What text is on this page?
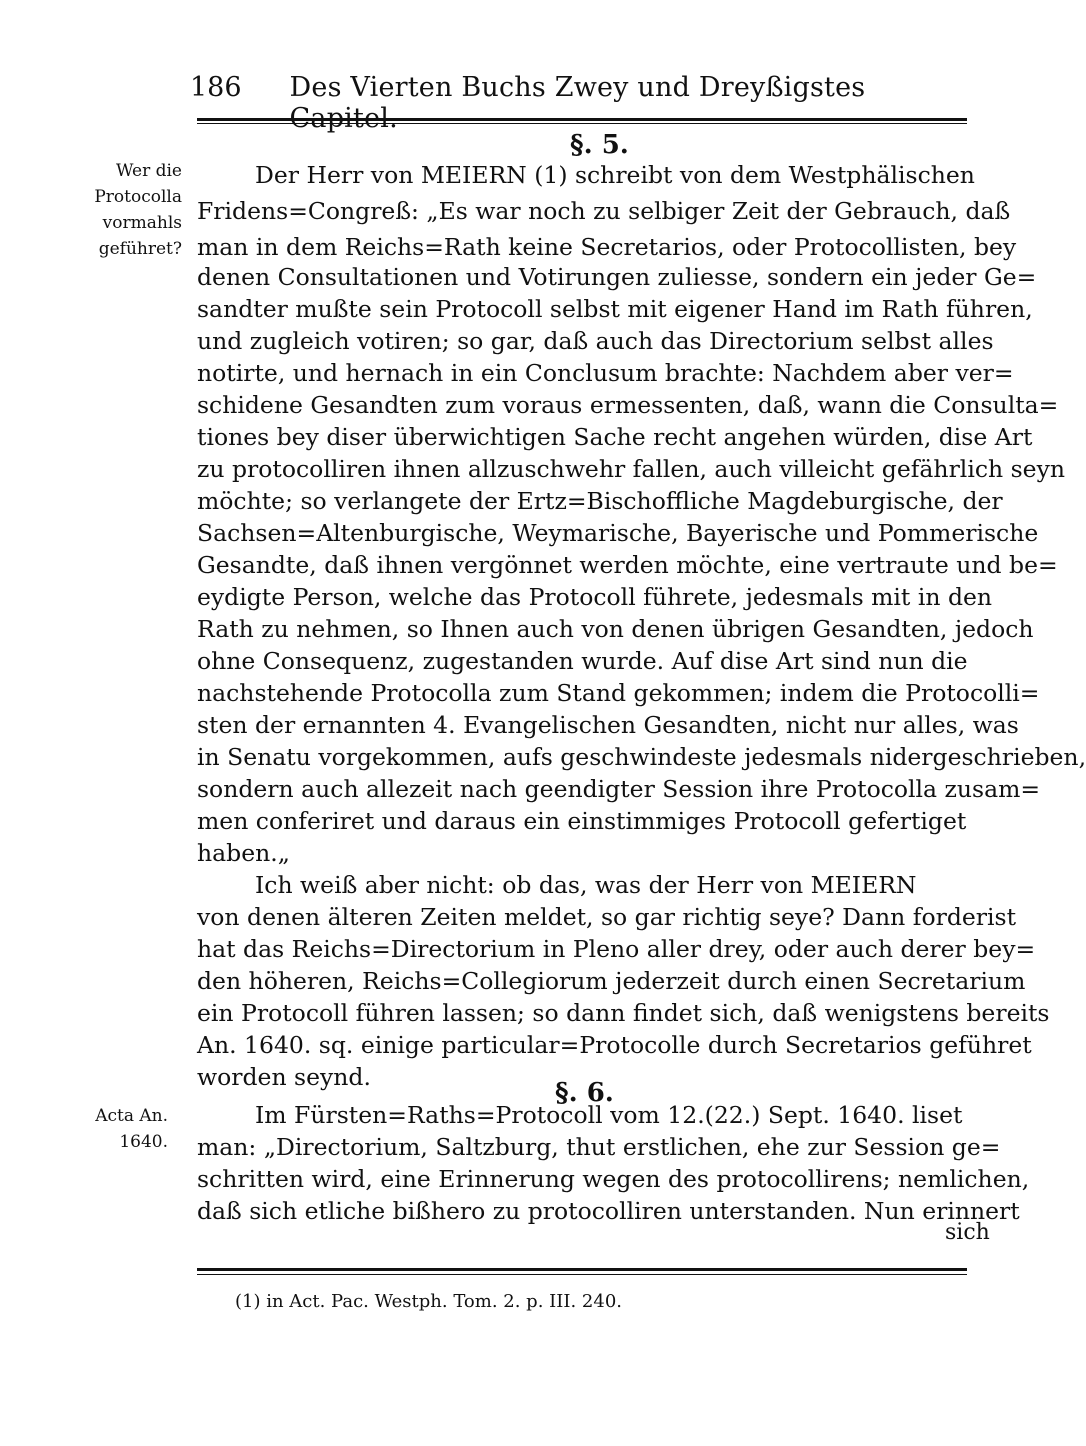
186 Des Vierten Buchs Zwey und Dreyßigstes
§. 5.
Wer die
Protocolla
vormahls
geführet?
Der Herr von MEIERN (1) schreibt von dem Westphälischen
Fridens=Congreß: „Es war noch zu selbiger Zeit der Gebrauch, daß
man in dem Reichs=Rath keine Secretarios, oder Protocollisten, bey
denen Consultationen und Votirungen zuliesse, sondern ein jeder Ge=
sandter mußte sein Protocoll selbst mit eigener Hand im Rath führen,
und zugleich votiren; so gar, daß auch das Directorium selbst alles
notirte, und hernach in ein Conclusum brachte: Nachdem aber ver=
schidene Gesandten zum voraus ermessenten, daß, wann die Consulta=
tiones bey diser überwichtigen Sache recht angehen würden, dise Art
zu protocolliren ihnen allzuschwehr fallen, auch villeicht gefährlich seyn
möchte; so verlangete der Ertz=Bischoffliche Magdeburgische, der
Sachsen=Altenburgische, Weymarische, Bayerische und Pommerische
Gesandte, daß ihnen vergönnet werden möchte, eine vertraute und be=
eydigte Person, welche das Protocoll führete, jedesmals mit in den
Rath zu nehmen, so Ihnen auch von denen übrigen Gesandten, jedoch
ohne Consequenz, zugestanden wurde. Auf dise Art sind nun die
nachstehende Protocolla zum Stand gekommen; indem die Protocolli=
sten der ernannten 4. Evangelischen Gesandten, nicht nur alles, was
in Senatu vorgekommen, aufs geschwindeste jedesmals nidergeschrieben,
sondern auch allezeit nach geendigter Session ihre Protocolla zusam=
men conferiret und daraus ein einstimmiges Protocoll gefertiget
haben.„
Ich weiß aber nicht: ob das, was der Herr von MEIERN
von denen älteren Zeiten meldet, so gar richtig seye? Dann forderist
hat das Reichs=Directorium in Pleno aller drey, oder auch derer bey=
den höheren, Reichs=Collegiorum jederzeit durch einen Secretarium
ein Protocoll führen lassen; so dann findet sich, daß wenigstens bereits
An. 1640. sq. einige particular=Protocolle durch Secretarios geführet
worden seynd.
§. 6.
Acta An.
1640.
Im Fürsten=Raths=Protocoll vom 12.(22.) Sept. 1640. liset
man: „Directorium, Saltzburg, thut erstlichen, ehe zur Session ge=
schritten wird, eine Erinnerung wegen des protocollirens; nemlichen,
daß sich etliche bißhero zu protocolliren unterstanden. Nun erinnert
sich
(1) in Act. Pac. Westph. Tom. 2. p. III. 240.
